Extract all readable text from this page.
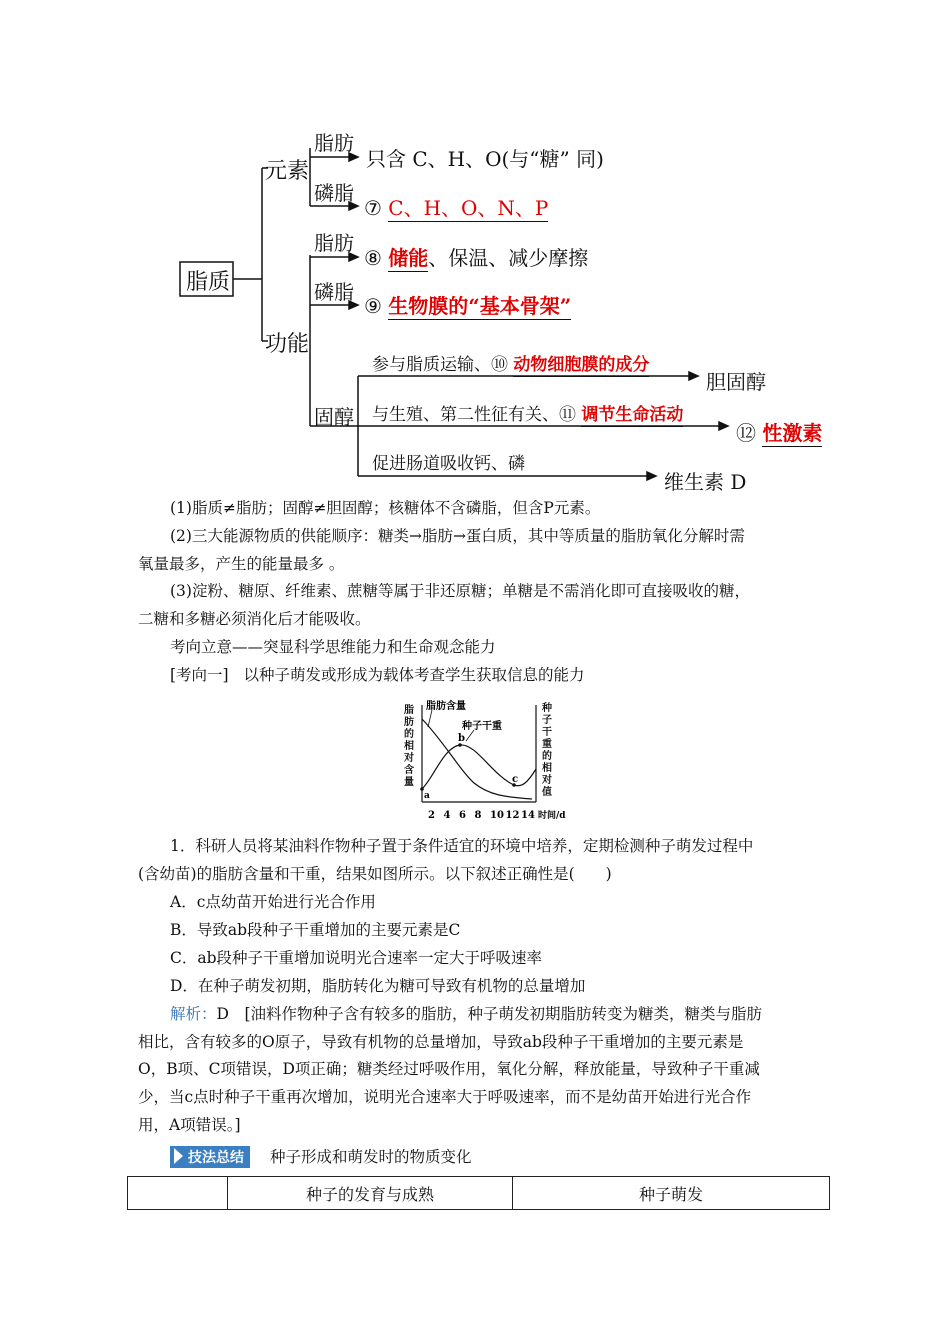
脂质
元素
功能
脂肪
只含 C、H、O(与“糖” 同)
磷脂
⑦ C、H、O、N、P
脂肪
⑧ 储能、保温、减少摩擦
磷脂
⑨ 生物膜的“基本骨架”
固醇
参与脂质运输、⑩ 动物细胞膜的成分
胆固醇
与生殖、第二性征有关、⑪ 调节生命活动
⑫ 性激素
促进肠道吸收钙、磷
维生素 D
(1)脂质≠脂肪；固醇≠胆固醇；核糖体不含磷脂，但含P元素。
(2)三大能源物质的供能顺序：糖类→脂肪→蛋白质，其中等质量的脂肪氧化分解时需
氧量最多，产生的能量最多 。
(3)淀粉、糖原、纤维素、蔗糖等属于非还原糖；单糖是不需消化即可直接吸收的糖，
二糖和多糖必须消化后才能吸收。
考向立意——突显科学思维能力和生命观念能力
[考向一] 以种子萌发或形成为载体考查学生获取信息的能力
脂肪含量
种子干重
a
b
c
2 4 6 8 10 12 14 时间/d
脂肪的相对含量
种子干重的相对值
1．科研人员将某油料作物种子置于条件适宜的环境中培养，定期检测种子萌发过程中
(含幼苗)的脂肪含量和干重，结果如图所示。以下叙述正确性是(　　)
A．c点幼苗开始进行光合作用
B．导致ab段种子干重增加的主要元素是C
C．ab段种子干重增加说明光合速率一定大于呼吸速率
D．在种子萌发初期，脂肪转化为糖可导致有机物的总量增加
解析：D　[油料作物种子含有较多的脂肪，种子萌发初期脂肪转变为糖类，糖类与脂肪
相比，含有较多的O原子，导致有机物的总量增加，导致ab段种子干重增加的主要元素是
O，B项、C项错误，D项正确；糖类经过呼吸作用，氧化分解，释放能量，导致种子干重减
少，当c点时种子干重再次增加，说明光合速率大于呼吸速率，而不是幼苗开始进行光合作
用，A项错误。]
技法总结	种子形成和萌发时的物质变化
	种子的发育与成熟	种子萌发
